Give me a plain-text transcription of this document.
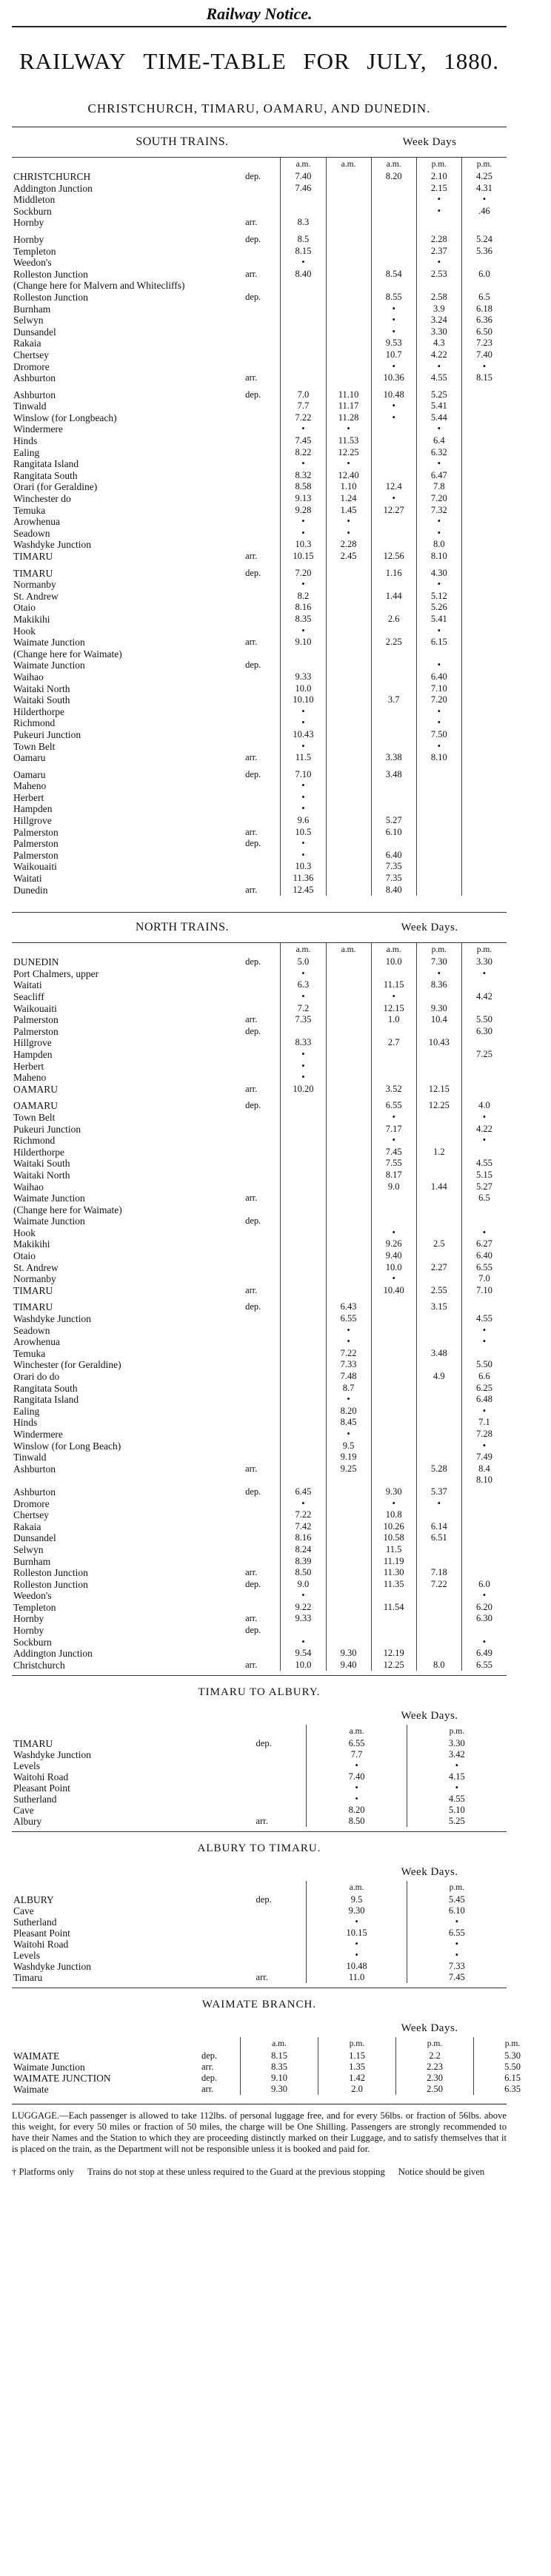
Railway Notice.
RAILWAY TIME-TABLE FOR JULY, 1880.
CHRISTCHURCH, TIMARU, OAMARU, AND DUNEDIN.
SOUTH TRAINS.	Week Days
		a.m.	a.m.	a.m.	p.m.	p.m.
CHRISTCHURCH	dep.	7.40		8.20	2.10	4.25
Addington Junction		7.46			2.15	4.31
Middleton					•	•
Sockburn					•	.46
Hornby	arr.	8.3				

Hornby	dep.	8.5			2.28	5.24
Templeton		8.15			2.37	5.36
Weedon's		•			•	
Rolleston Junction	arr.	8.40		8.54	2.53	6.0
(Change here for Malvern and Whitecliffs)						
Rolleston Junction	dep.			8.55	2.58	6.5
Burnham				•	3.9	6.18
Selwyn				•	3.24	6.36
Dunsandel				•	3.30	6.50
Rakaia				9.53	4.3	7.23
Chertsey				10.7	4.22	7.40
Dromore				•	•	•
Ashburton	arr.			10.36	4.55	8.15

Ashburton	dep.	7.0	11.10	10.48	5.25	
Tinwald		7.7	11.17	•	5.41	
Winslow (for Longbeach)		7.22	11.28	•	5.44	
Windermere		•	•		•	
Hinds		7.45	11.53		6.4	
Ealing		8.22	12.25		6.32	
Rangitata Island		•	•		•	
Rangitata South		8.32	12.40		6.47	
Orari (for Geraldine)		8.58	1.10	12.4	7.8	
Winchester do		9.13	1.24	•	7.20	
Temuka		9.28	1.45	12.27	7.32	
Arowhenua		•	•		•	
Seadown		•	•		•	
Washdyke Junction		10.3	2.28		8.0	
TIMARU	arr.	10.15	2.45	12.56	8.10	

TIMARU	dep.	7.20		1.16	4.30	
Normanby		•			•	
St. Andrew		8.2		1.44	5.12	
Otaio		8.16			5.26	
Makikihi		8.35		2.6	5.41	
Hook		•			•	
Waimate Junction	arr.	9.10		2.25	6.15	
(Change here for Waimate)						
Waimate Junction	dep.				•	
Waihao		9.33			6.40	
Waitaki North		10.0			7.10	
Waitaki South		10.10		3.7	7.20	
Hilderthorpe		•			•	
Richmond		•			•	
Pukeuri Junction		10.43			7.50	
Town Belt		•			•	
Oamaru	arr.	11.5		3.38	8.10	

Oamaru	dep.	7.10		3.48		
Maheno		•				
Herbert		•				
Hampden		•				
Hillgrove		9.6		5.27		
Palmerston	arr.	10.5		6.10		
Palmerston	dep.	•				
Palmerston		•		6.40		
Waikouaiti		10.3		7.35		
Waitati		11.36		7.35		
Dunedin	arr.	12.45		8.40		
NORTH TRAINS.	Week Days.
		a.m.	a.m.	a.m.	p.m.	p.m.
DUNEDIN	dep.	5.0		10.0	7.30	3.30
Port Chalmers, upper		•			•	•
Waitati		6.3		11.15	8.36	
Seacliff		•		•		4.42
Waikouaiti		7.2		12.15	9.30	
Palmerston	arr.	7.35		1.0	10.4	5.50
Palmerston	dep.					6.30
Hillgrove		8.33		2.7	10.43	
Hampden		•				7.25
Herbert		•				
Maheno		•				
OAMARU	arr.	10.20		3.52	12.15	

OAMARU	dep.			6.55	12.25	4.0
Town Belt				•		•
Pukeuri Junction				7.17		4.22
Richmond				•		•
Hilderthorpe				7.45	1.2	
Waitaki South				7.55		4.55
Waitaki North				8.17		5.15
Waihao				9.0	1.44	5.27
Waimate Junction	arr.					6.5
(Change here for Waimate)						
Waimate Junction	dep.					
Hook				•		•
Makikihi				9.26	2.5	6.27
Otaio				9.40		6.40
St. Andrew				10.0	2.27	6.55
Normanby				•		7.0
TIMARU	arr.			10.40	2.55	7.10

TIMARU	dep.		6.43		3.15	
Washdyke Junction			6.55			4.55
Seadown			•			•
Arowhenua			•			•
Temuka			7.22		3.48	
Winchester (for Geraldine)			7.33			5.50
Orari do do			7.48		4.9	6.6
Rangitata South			8.7			6.25
Rangitata Island			•			6.48
Ealing			8.20			•
Hinds			8.45			7.1
Windermere			•			7.28
Winslow (for Long Beach)			9.5			•
Tinwald			9.19			7.49
Ashburton	arr.		9.25		5.28	8.4
						8.10
Ashburton	dep.	6.45		9.30	5.37	
Dromore		•		•	•	
Chertsey		7.22		10.8		
Rakaia		7.42		10.26	6.14	
Dunsandel		8.16		10.58	6.51	
Selwyn		8.24		11.5		
Burnham		8.39		11.19		
Rolleston Junction	arr.	8.50		11.30	7.18	
Rolleston Junction	dep.	9.0		11.35	7.22	6.0
Weedon's		•				•
Templeton		9.22		11.54		6.20
Hornby	arr.	9.33				6.30
Hornby	dep.					
Sockburn		•				•
Addington Junction		9.54	9.30	12.19		6.49
Christchurch	arr.	10.0	9.40	12.25	8.0	6.55
TIMARU TO ALBURY.
Week Days.
		a.m.	p.m.
TIMARU	dep.	6.55	3.30
Washdyke Junction		7.7	3.42
Levels		•	•
Waitohi Road		7.40	4.15
Pleasant Point		•	•
Sutherland		•	4.55
Cave		8.20	5.10
Albury	arr.	8.50	5.25
ALBURY TO TIMARU.
Week Days.
		a.m.	p.m.
ALBURY	dep.	9.5	5.45
Cave		9.30	6.10
Sutherland		•	•
Pleasant Point		10.15	6.55
Waitohi Road		•	•
Levels		•	•
Washdyke Junction		10.48	7.33
Timaru	arr.	11.0	7.45
WAIMATE BRANCH.
Week Days.
		a.m.	p.m.	p.m.	p.m.
WAIMATE	dep.	8.15	1.15	2.2	5.30
Waimate Junction	arr.	8.35	1.35	2.23	5.50
WAIMATE JUNCTION	dep.	9.10	1.42	2.30	6.15
Waimate	arr.	9.30	2.0	2.50	6.35
LUGGAGE.—Each passenger is allowed to take 112lbs. of personal luggage free, and for every 56lbs. or fraction of 56lbs. above this weight, for every 50 miles or fraction of 50 miles, the charge will be One Shilling. Passengers are strongly recommended to have their Names and the Station to which they are proceeding distinctly marked on their Luggage, and to satisfy themselves that it is placed on the train, as the Department will not be responsible unless it is booked and paid for.
† Platforms only Trains do not stop at these unless required to the Guard at the previous stopping Notice should be given
